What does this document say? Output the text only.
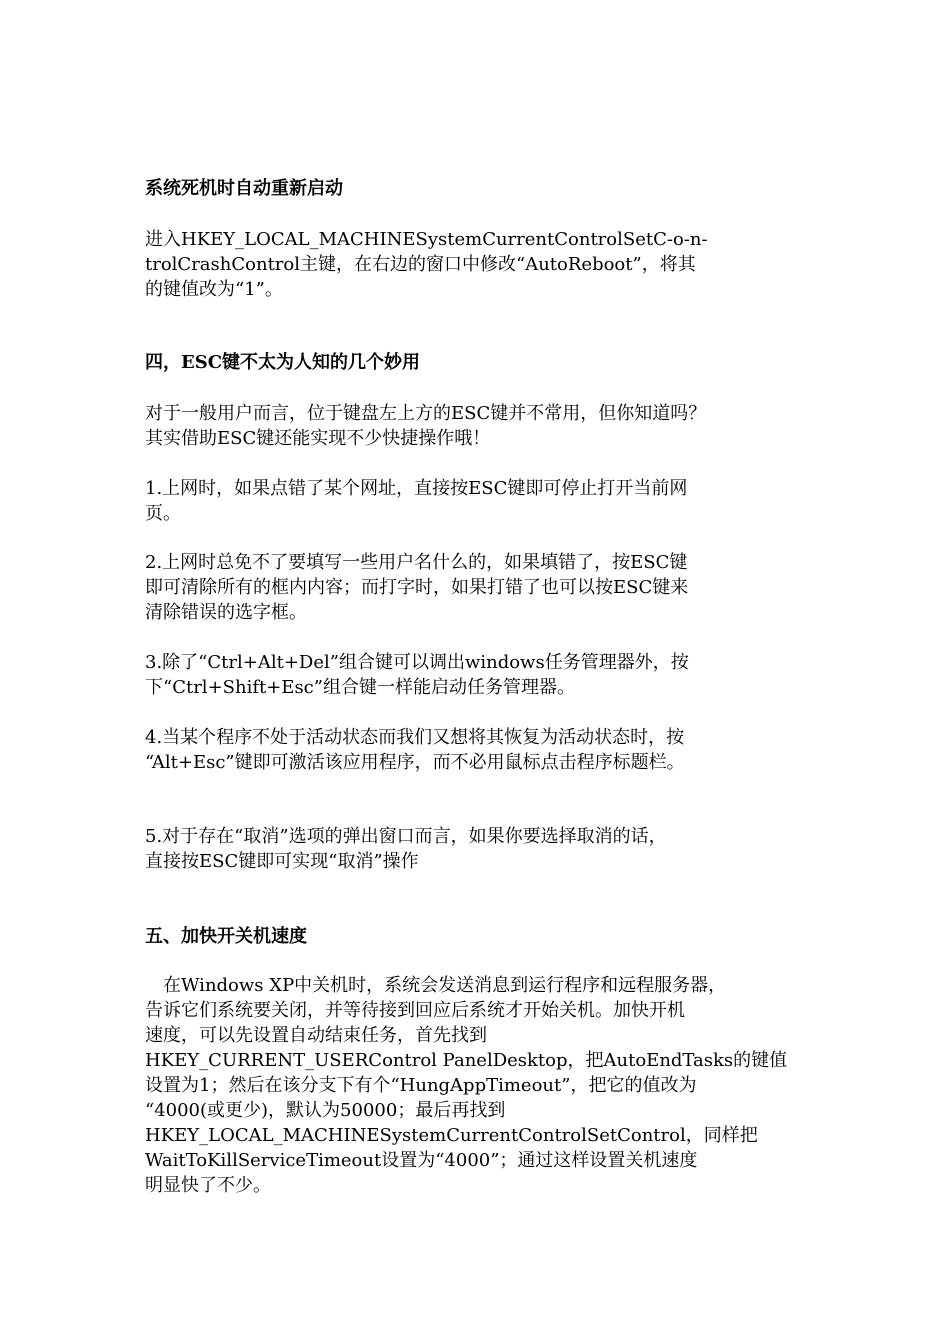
系统死机时自动重新启动
进入HKEY_LOCAL_MACHINESystemCurrentControlSetC-o-n-
trolCrashControl主键，在右边的窗口中修改“AutoReboot”，将其
的键值改为“1”。
四，ESC键不太为人知的几个妙用
对于一般用户而言，位于键盘左上方的ESC键并不常用，但你知道吗？
其实借助ESC键还能实现不少快捷操作哦！
1.上网时，如果点错了某个网址，直接按ESC键即可停止打开当前网
页。
2.上网时总免不了要填写一些用户名什么的，如果填错了，按ESC键
即可清除所有的框内内容；而打字时，如果打错了也可以按ESC键来
清除错误的选字框。
3.除了“Ctrl+Alt+Del”组合键可以调出windows任务管理器外，按
下“Ctrl+Shift+Esc”组合键一样能启动任务管理器。
4.当某个程序不处于活动状态而我们又想将其恢复为活动状态时，按
“Alt+Esc”键即可激活该应用程序，而不必用鼠标点击程序标题栏。
5.对于存在“取消”选项的弹出窗口而言，如果你要选择取消的话，
直接按ESC键即可实现“取消”操作
五、加快开关机速度
　在Windows XP中关机时，系统会发送消息到运行程序和远程服务器，
告诉它们系统要关闭，并等待接到回应后系统才开始关机。加快开机
速度，可以先设置自动结束任务，首先找到
HKEY_CURRENT_USERControl PanelDesktop，把AutoEndTasks的键值
设置为1；然后在该分支下有个“HungAppTimeout”，把它的值改为
“4000(或更少)，默认为50000；最后再找到
HKEY_LOCAL_MACHINESystemCurrentControlSetControl，同样把
WaitToKillServiceTimeout设置为“4000”；通过这样设置关机速度
明显快了不少。
